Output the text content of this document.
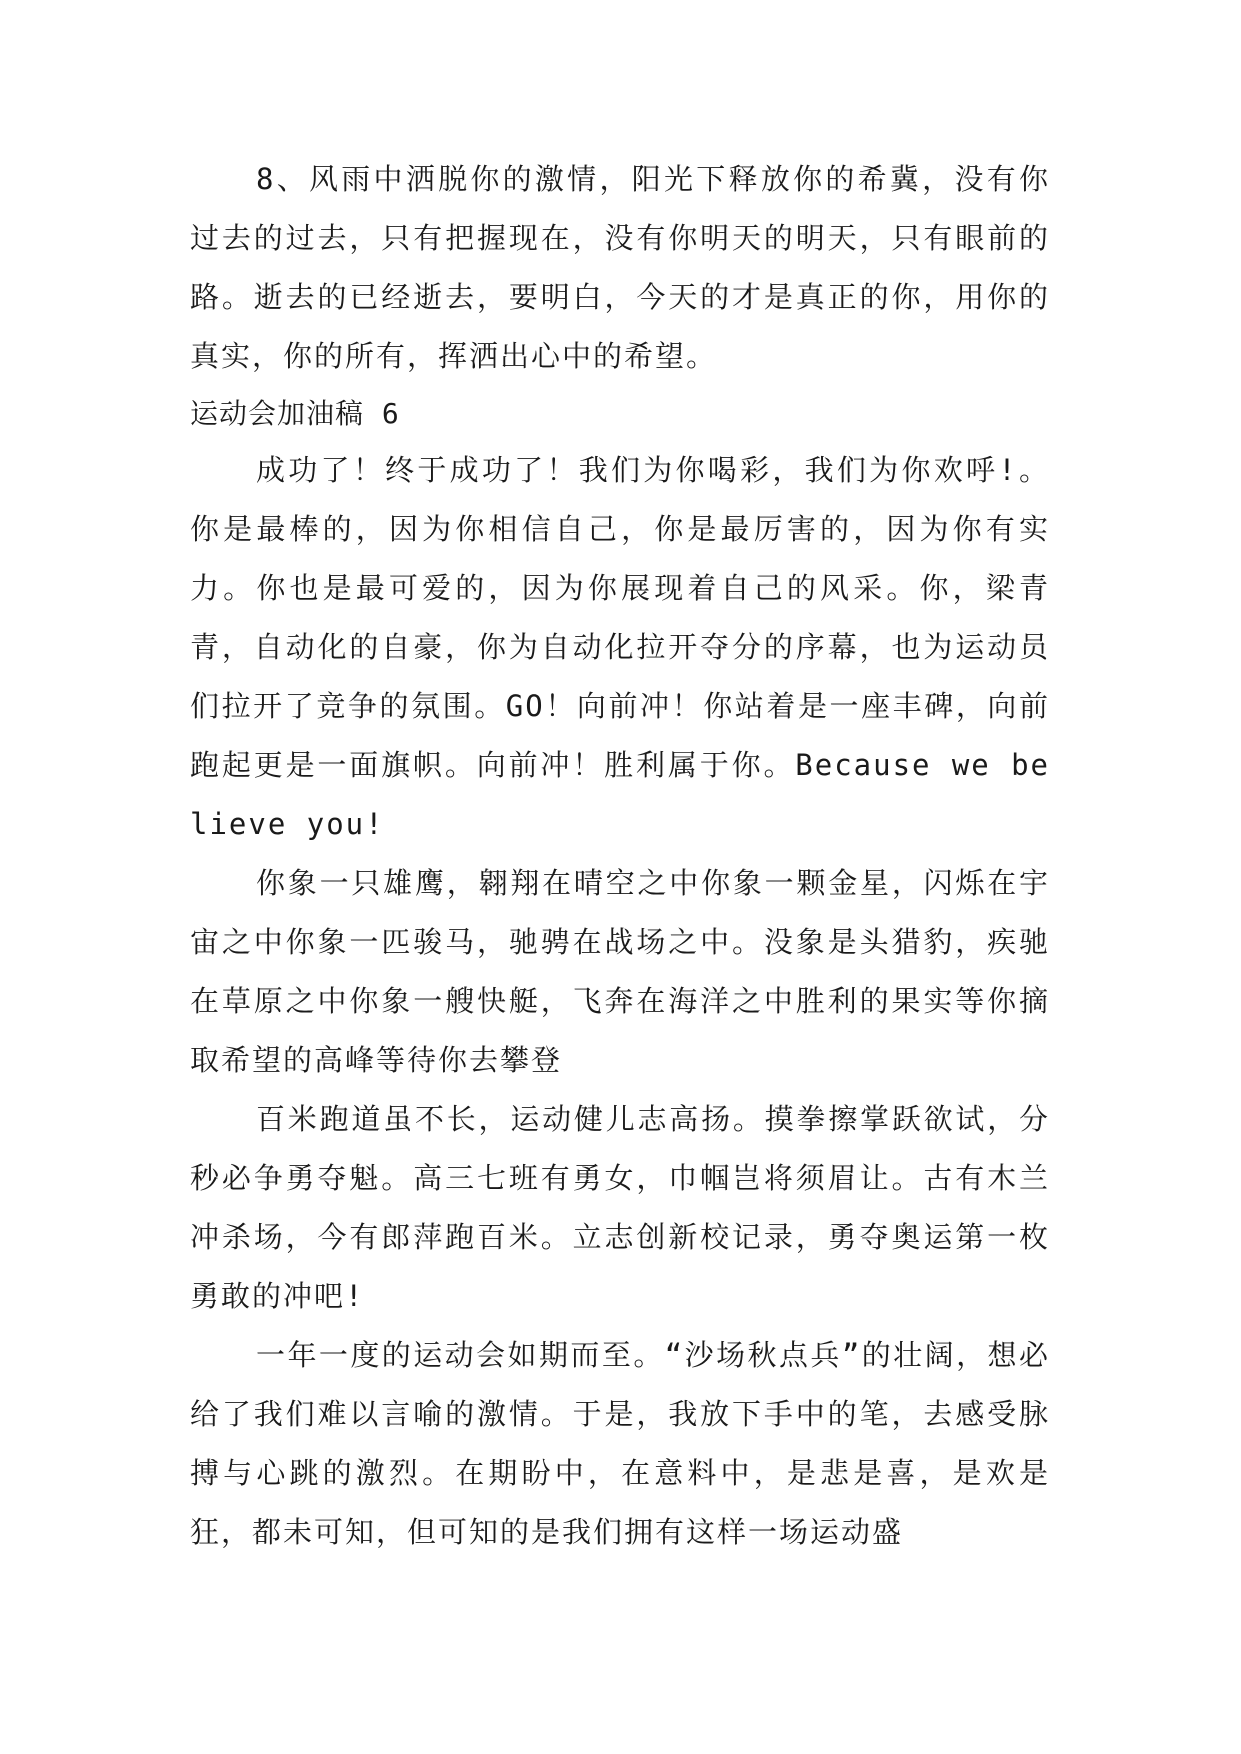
8、风雨中洒脱你的激情，阳光下释放你的希冀，没有你过去的过去，只有把握现在，没有你明天的明天，只有眼前的路。逝去的已经逝去，要明白，今天的才是真正的你，用你的真实，你的所有，挥洒出心中的希望。

运动会加油稿 6

成功了！终于成功了！我们为你喝彩，我们为你欢呼!。你是最棒的，因为你相信自己，你是最厉害的，因为你有实力。你也是最可爱的，因为你展现着自己的风采。你，梁青青，自动化的自豪，你为自动化拉开夺分的序幕，也为运动员们拉开了竞争的氛围。GO！向前冲！你站着是一座丰碑，向前跑起更是一面旗帜。向前冲！胜利属于你。Because we believe you!

你象一只雄鹰，翱翔在晴空之中你象一颗金星，闪烁在宇宙之中你象一匹骏马，驰骋在战场之中。没象是头猎豹，疾驰在草原之中你象一艘快艇，飞奔在海洋之中胜利的果实等你摘取希望的高峰等待你去攀登

百米跑道虽不长，运动健儿志高扬。摸拳擦掌跃欲试，分秒必争勇夺魁。高三七班有勇女，巾帼岂将须眉让。古有木兰冲杀场，今有郎萍跑百米。立志创新校记录，勇夺奥运第一枚勇敢的冲吧!

一年一度的运动会如期而至。“沙场秋点兵”的壮阔，想必给了我们难以言喻的激情。于是，我放下手中的笔，去感受脉搏与心跳的激烈。在期盼中，在意料中，是悲是喜，是欢是狂，都未可知，但可知的是我们拥有这样一场运动盛
